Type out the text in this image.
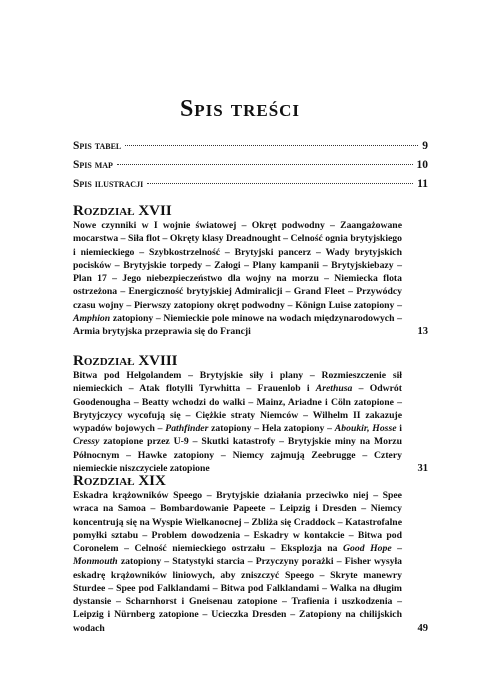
Spis treści
Spis tabel	9
Spis map	10
Spis ilustracji	11
Rozdział XVII

Nowe czynniki w I wojnie światowej – Okręt podwodny – Zaangażowane mocarstwa – Siła flot – Okręty klasy Dreadnought – Celność ognia brytyjskiego i niemieckiego – Szybkostrzelność – Brytyjski pancerz – Wady brytyjskich pocisków – Brytyjskie torpedy – Załogi – Plany kampanii – Brytyjskiebazy – Plan 17 – Jego niebezpieczeństwo dla wojny na morzu – Niemiecka flota ostrzeżona – Energiczność brytyjskiej Admiralicji – Grand Fleet – Przywódcy czasu wojny – Pierwszy zatopiony okręt podwodny – Könign Luise zatopiony – Amphion zatopiony – Niemieckie pole minowe na wodach międzynarodowych – Armia brytyjska przeprawia się do Francji	13
Rozdział XVIII

Bitwa pod Helgolandem – Brytyjskie siły i plany – Rozmieszczenie sił niemieckich – Atak flotylli Tyrwhitta – Frauenlob i Arethusa – Odwrót Goodenougha – Beatty wchodzi do walki – Mainz, Ariadne i Cöln zatopione – Brytyjczycy wycofują się – Ciężkie straty Niemców – Wilhelm II zakazuje wypadów bojowych – Pathfinder zatopiony – Hela zatopiony – Aboukir, Hosse i Cressy zatopione przez U-9 – Skutki katastrofy – Brytyjskie miny na Morzu Północnym – Hawke zatopiony – Niemcy zajmują Zeebrugge – Cztery niemieckie niszczyciele zatopione	31
Rozdział XIX

Eskadra krążowników Speego – Brytyjskie działania przeciwko niej – Spee wraca na Samoa – Bombardowanie Papeete – Leipzig i Dresden – Niemcy koncentrują się na Wyspie Wielkanocnej – Zbliża się Craddock – Katastrofalne pomyłki sztabu – Problem dowodzenia – Eskadry w kontakcie – Bitwa pod Coronelem – Celność niemieckiego ostrzału – Eksplozja na Good Hope – Monmouth zatopiony – Statystyki starcia – Przyczyny porażki – Fisher wysyła eskadrę krążowników liniowych, aby zniszczyć Speego – Skryte manewry Sturdee – Spee pod Falklandami – Bitwa pod Falklandami – Walka na długim dystansie – Scharnhorst i Gneisenau zatopione – Trafienia i uszkodzenia – Leipzig i Nürnberg zatopione – Ucieczka Dresden – Zatopiony na chilijskich wodach	49
